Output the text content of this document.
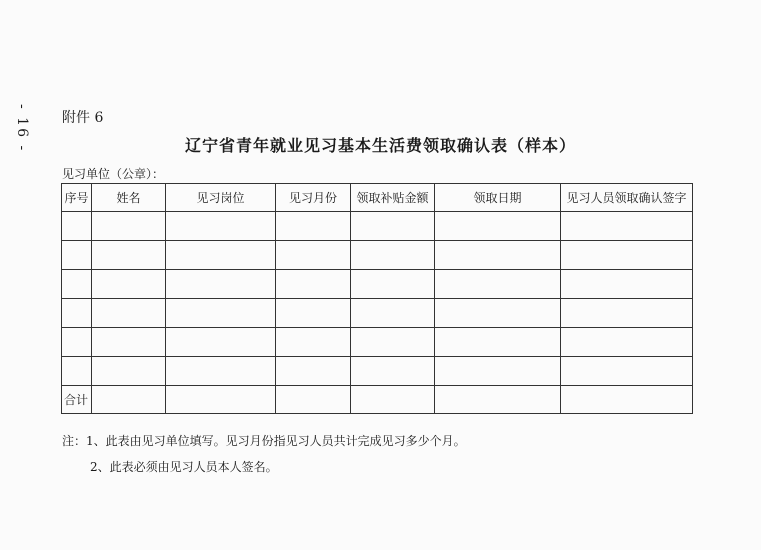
- 16 - 附件 6
辽宁省青年就业见习基本生活费领取确认表（样本）
见习单位（公章）：
序号	姓名	见习岗位	见习月份	领取补贴金额	领取日期	见习人员领取确认签字

合计						
注：1、此表由见习单位填写。见习月份指见习人员共计完成见习多少个月。
2、此表必须由见习人员本人签名。
